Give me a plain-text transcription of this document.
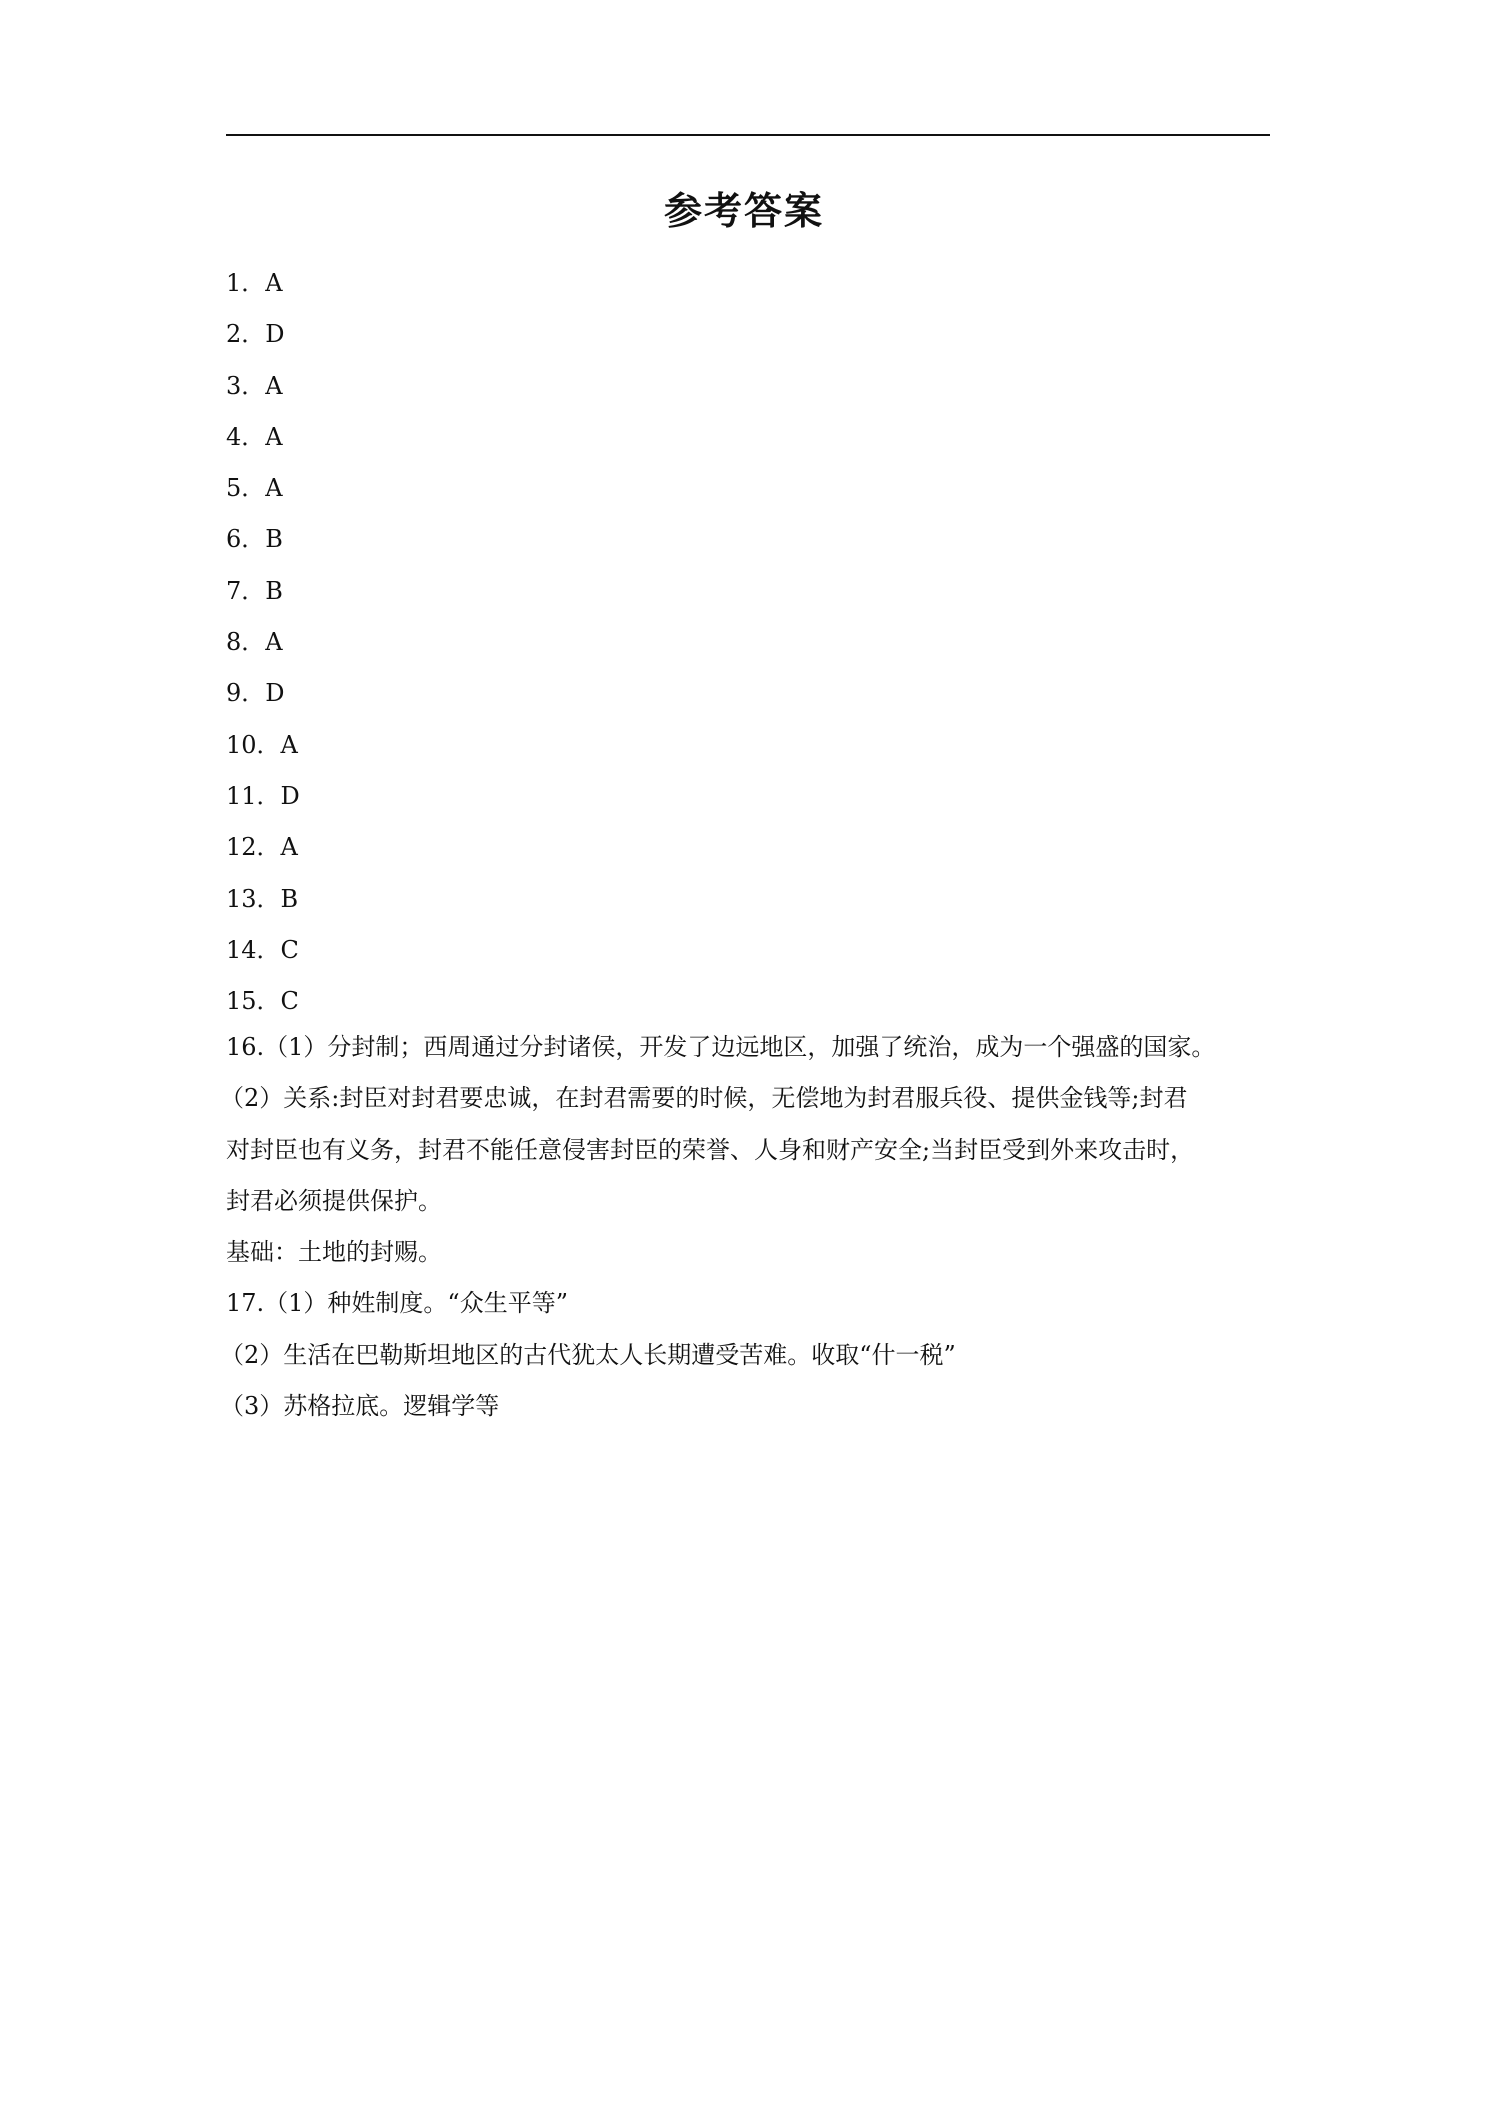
参考答案
1．A
2．D
3．A
4．A
5．A
6．B
7．B
8．A
9．D
10．A
11．D
12．A
13．B
14．C
15．C
16.（1）分封制；西周通过分封诸侯，开发了边远地区，加强了统治，成为一个强盛的国家。
（2）关系:封臣对封君要忠诚，在封君需要的时候，无偿地为封君服兵役、提供金钱等;封君
对封臣也有义务，封君不能任意侵害封臣的荣誉、人身和财产安全;当封臣受到外来攻击时，
封君必须提供保护。
基础：土地的封赐。
17.（1）种姓制度。“众生平等”
（2）生活在巴勒斯坦地区的古代犹太人长期遭受苦难。收取“什一税”
（3）苏格拉底。逻辑学等
